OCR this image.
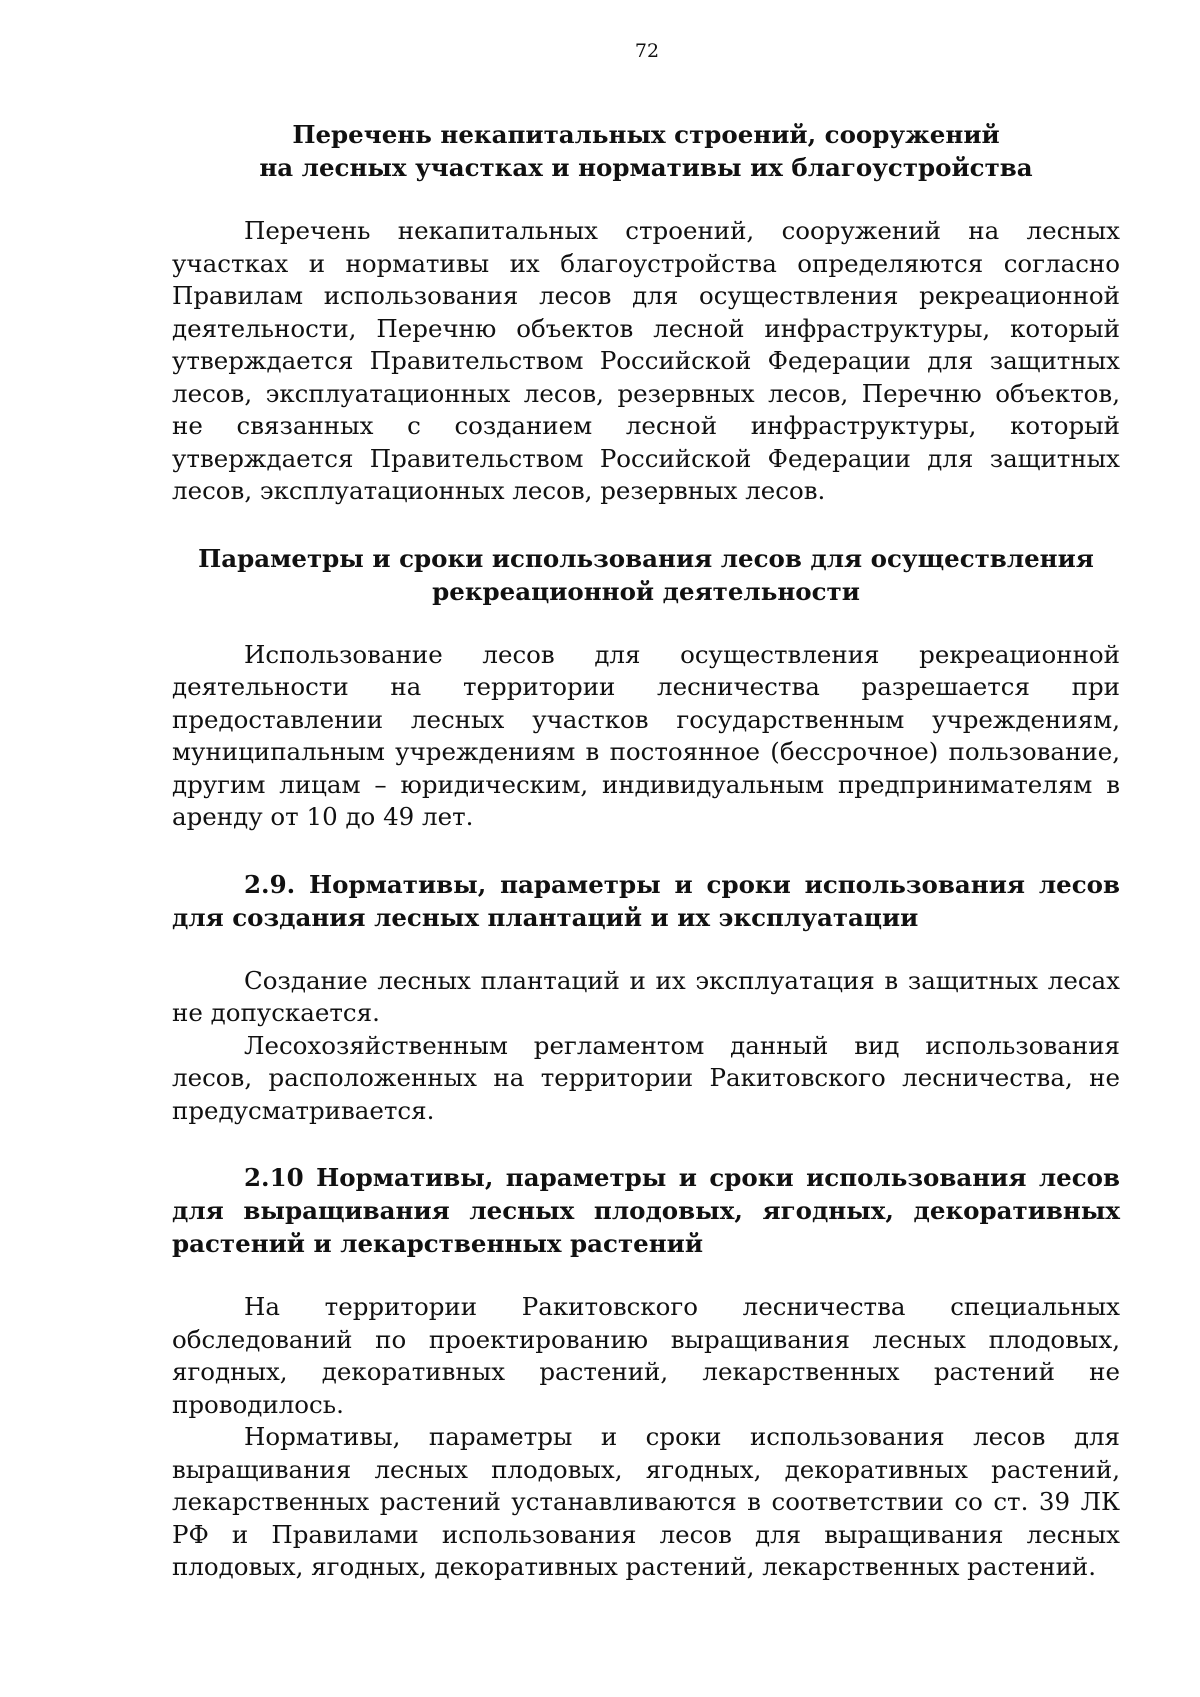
72
Перечень некапитальных строений, сооружений
на лесных участках и нормативы их благоустройства

Перечень некапитальных строений, сооружений на лесных участках и нормативы их благоустройства определяются согласно Правилам использования лесов для осуществления рекреационной деятельности, Перечню объектов лесной инфраструктуры, который утверждается Правительством Российской Федерации для защитных лесов, эксплуатационных лесов, резервных лесов, Перечню объектов, не связанных с созданием лесной инфраструктуры, который утверждается Правительством Российской Федерации для защитных лесов, эксплуатационных лесов, резервных лесов.

Параметры и сроки использования лесов для осуществления
рекреационной деятельности

Использование лесов для осуществления рекреационной деятельности на территории лесничества разрешается при предоставлении лесных участков государственным учреждениям, муниципальным учреждениям в постоянное (бессрочное) пользование, другим лицам – юридическим, индивидуальным предпринимателям в аренду от 10 до 49 лет.

2.9. Нормативы, параметры и сроки использования лесов для создания лесных плантаций и их эксплуатации

Создание лесных плантаций и их эксплуатация в защитных лесах не допускается.

Лесохозяйственным регламентом данный вид использования лесов, расположенных на территории Ракитовского лесничества, не предусматривается.

2.10 Нормативы, параметры и сроки использования лесов для выращивания лесных плодовых, ягодных, декоративных растений и лекарственных растений

На территории Ракитовского лесничества специальных обследований по проектированию выращивания лесных плодовых, ягодных, декоративных растений, лекарственных растений не проводилось.

Нормативы, параметры и сроки использования лесов для выращивания лесных плодовых, ягодных, декоративных растений, лекарственных растений устанавливаются в соответствии со ст. 39 ЛК РФ и Правилами использования лесов для выращивания лесных плодовых, ягодных, декоративных растений, лекарственных растений.
